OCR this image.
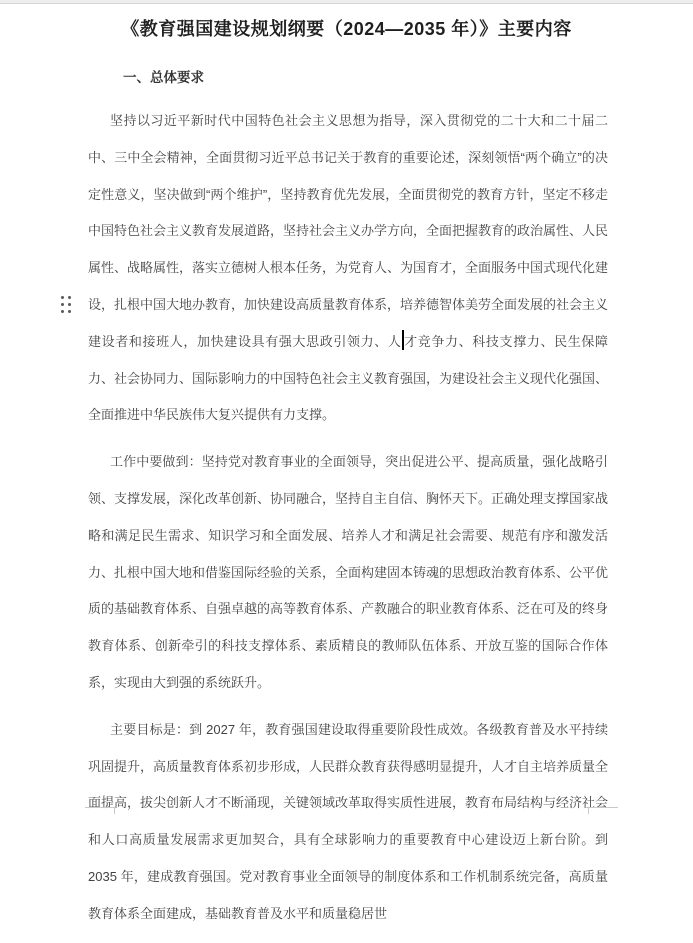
《教育强国建设规划纲要（2024—2035 年）》主要内容
一、总体要求

坚持以习近平新时代中国特色社会主义思想为指导，深入贯彻党的二十大和二十届二中、三中全会精神，全面贯彻习近平总书记关于教育的重要论述，深刻领悟“两个确立”的决定性意义，坚决做到“两个维护”，坚持教育优先发展，全面贯彻党的教育方针，坚定不移走中国特色社会主义教育发展道路，坚持社会主义办学方向，全面把握教育的政治属性、人民属性、战略属性，落实立德树人根本任务，为党育人、为国育才，全面服务中国式现代化建设，扎根中国大地办教育，加快建设高质量教育体系，培养德智体美劳全面发展的社会主义建设者和接班人，加快建设具有强大思政引领力、人 才竞争力、科技支撑力、民生保障力、社会协同力、国际影响力的中国特色社会主义教育强国，为建设社会主义现代化强国、全面推进中华民族伟大复兴提供有力支撑。

工作中要做到：坚持党对教育事业的全面领导，突出促进公平、提高质量，强化战略引领、支撑发展，深化改革创新、协同融合，坚持自主自信、胸怀天下。正确处理支撑国家战略和满足民生需求、知识学习和全面发展、培养人才和满足社会需要、规范有序和激发活力、扎根中国大地和借鉴国际经验的关系，全面构建固本铸魂的思想政治教育体系、公平优质的基础教育体系、自强卓越的高等教育体系、产教融合的职业教育体系、泛在可及的终身教育体系、创新牵引的科技支撑体系、素质精良的教师队伍体系、开放互鉴的国际合作体系，实现由大到强的系统跃升。

主要目标是：到 2027 年，教育强国建设取得重要阶段性成效。各级教育普及水平持续巩固提升，高质量教育体系初步形成，人民群众教育获得感明显提升，人才自主培养质量全面提高，拔尖创新人才不断涌现，关键领域改革取得实质性进展，教育布局结构与经济社会和人口高质量发展需求更加契合，具有全球影响力的重要教育中心建设迈上新台阶。到 2035 年，建成教育强国。党对教育事业全面领导的制度体系和工作机制系统完备，高质量教育体系全面建成，基础教育普及水平和质量稳居世
